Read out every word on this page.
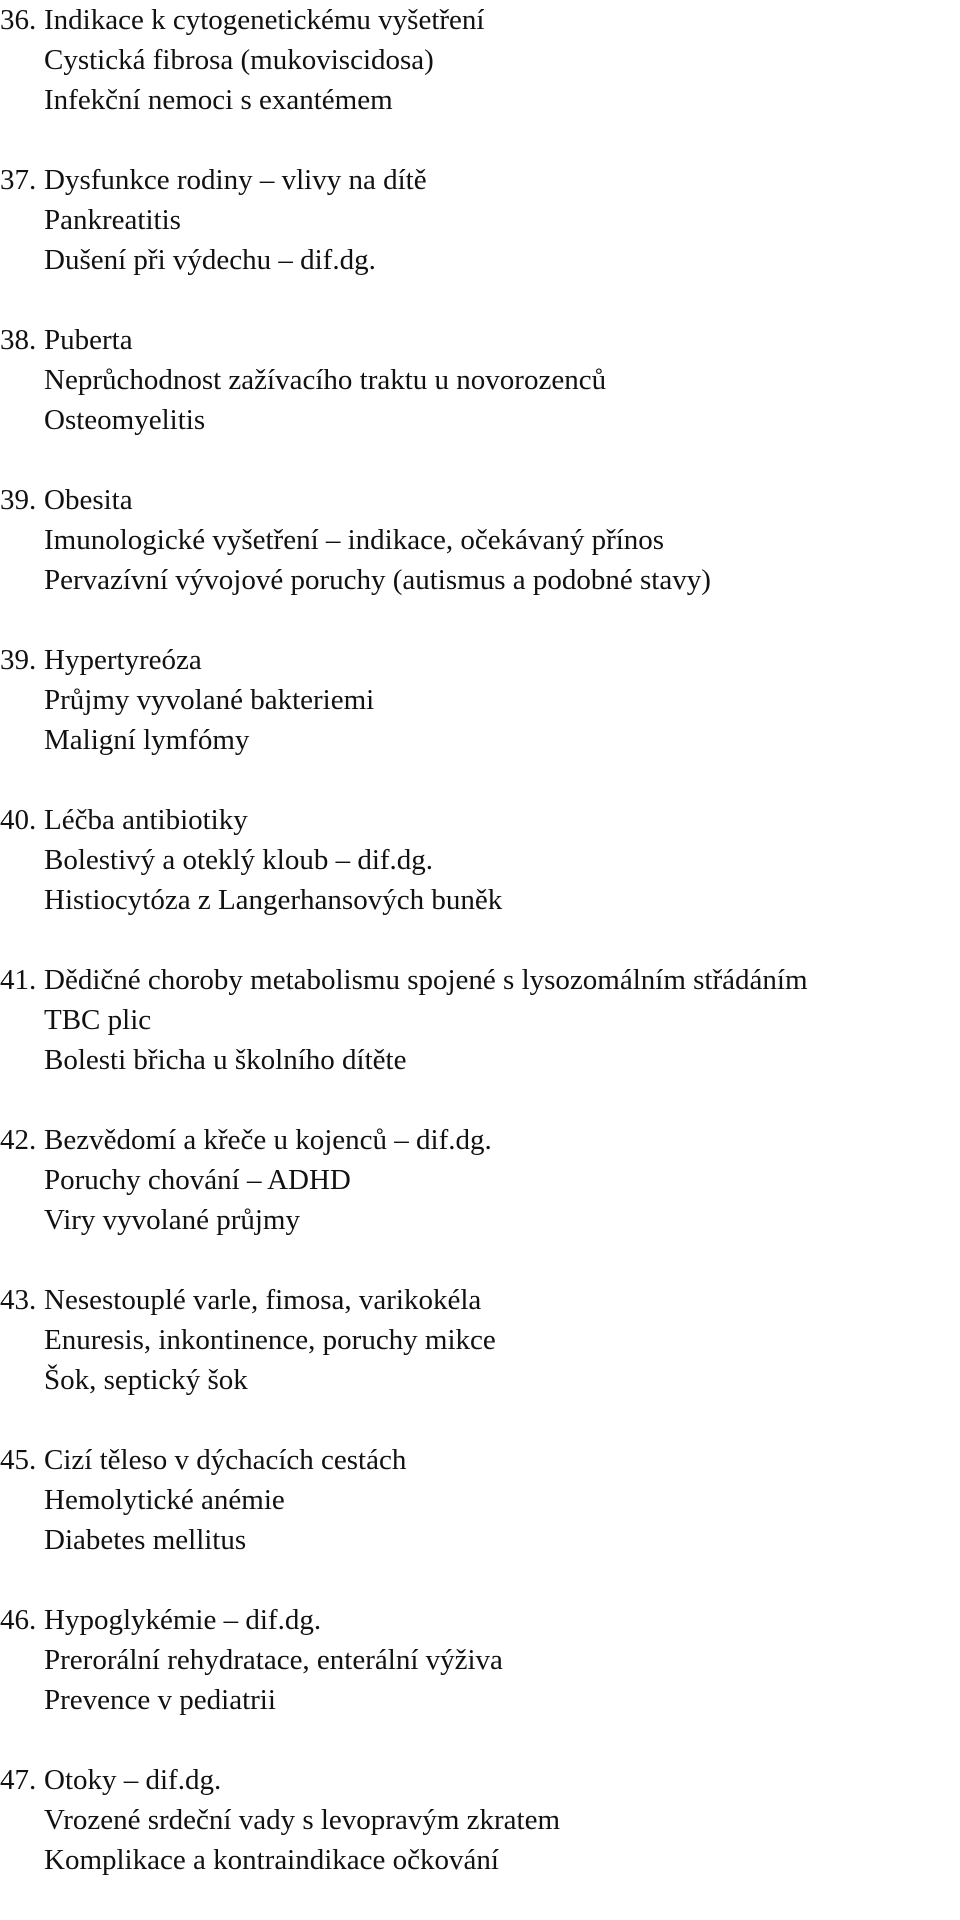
36. Indikace k cytogenetickému vyšetření
Cystická fibrosa (mukoviscidosa)
Infekční nemoci s exantémem
37. Dysfunkce rodiny – vlivy na dítě
Pankreatitis
Dušení při výdechu – dif.dg.
38. Puberta
Neprůchodnost zažívacího traktu u novorozenců
Osteomyelitis
39. Obesita
Imunologické vyšetření – indikace, očekávaný přínos
Pervazívní vývojové poruchy (autismus a podobné stavy)
39. Hypertyreóza
Průjmy vyvolané bakteriemi
Maligní lymfómy
40. Léčba antibiotiky
Bolestivý a oteklý kloub – dif.dg.
Histiocytóza z Langerhansových buněk
41. Dědičné choroby metabolismu spojené s lysozomálním střádáním
TBC plic
Bolesti břicha u školního dítěte
42. Bezvědomí a křeče u kojenců – dif.dg.
Poruchy chování – ADHD
Viry vyvolané průjmy
43. Nesestouplé varle, fimosa, varikokéla
Enuresis, inkontinence, poruchy mikce
Šok, septický šok
45. Cizí těleso v dýchacích cestách
Hemolytické anémie
Diabetes mellitus
46. Hypoglykémie – dif.dg.
Prerorální rehydratace, enterální výživa
Prevence v pediatrii
47. Otoky – dif.dg.
Vrozené srdeční vady s levopravým zkratem
Komplikace a kontraindikace očkování
